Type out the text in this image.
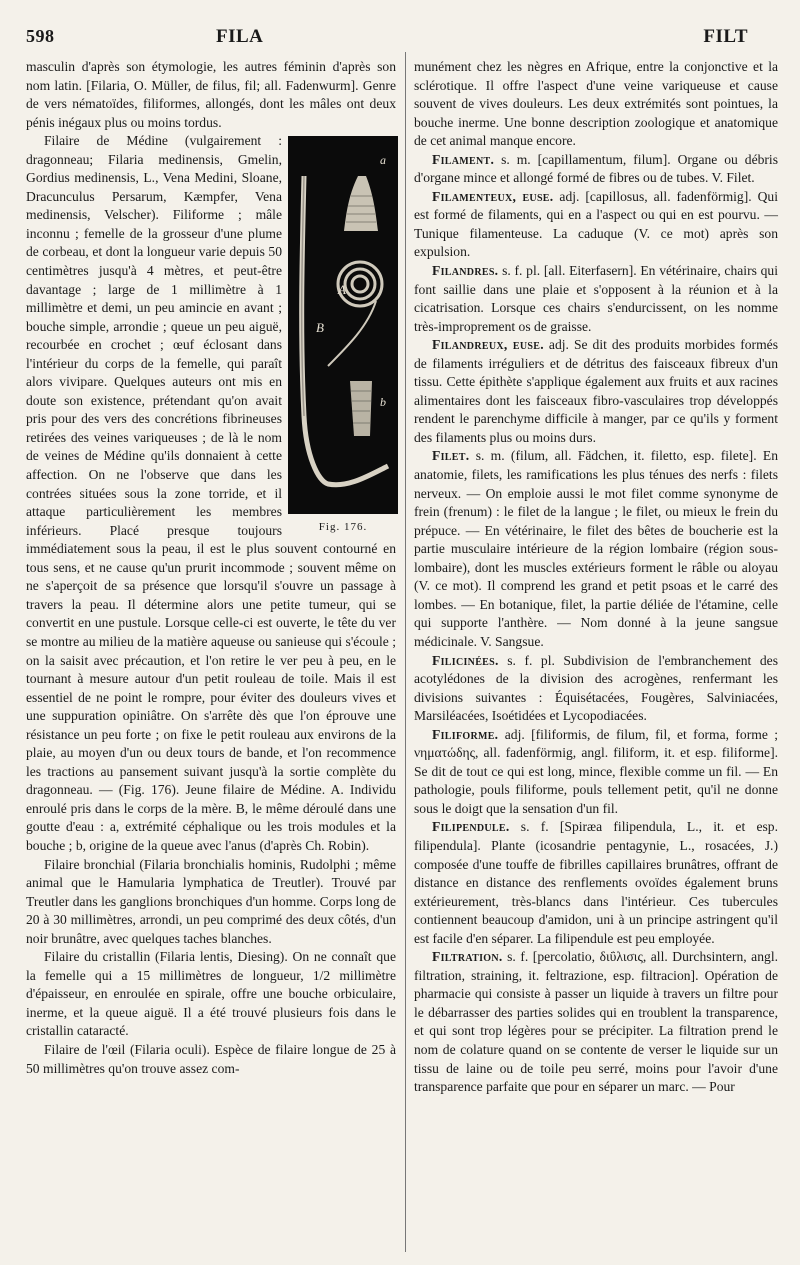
598	FILA	FILT

masculin d'après son étymologie, les autres féminin d'après son nom latin. [Filaria, O. Müller, de filus, fil; all. Fadenwurm]. Genre de vers nématoïdes, filiformes, allongés, dont les mâles ont deux pénis inégaux plus ou moins tordus.

a
A
B
b
Fig. 176.

Filaire de Médine (vulgairement : dragonneau; Filaria medinensis, Gmelin, Gordius medinensis, L., Vena Medini, Sloane, Dracunculus Persarum, Kæmpfer, Vena medinensis, Velscher). Filiforme ; mâle inconnu ; femelle de la grosseur d'une plume de corbeau, et dont la longueur varie depuis 50 centimètres jusqu'à 4 mètres, et peut-être davantage ; large de 1 millimètre à 1 millimètre et demi, un peu amincie en avant ; bouche simple, arrondie ; queue un peu aiguë, recourbée en crochet ; œuf éclosant dans l'intérieur du corps de la femelle, qui paraît alors vivipare. Quelques auteurs ont mis en doute son existence, prétendant qu'on avait pris pour des vers des concrétions fibrineuses retirées des veines variqueuses ; de là le nom de veines de Médine qu'ils donnaient à cette affection. On ne l'observe que dans les contrées situées sous la zone torride, et il attaque particulièrement les membres inférieurs. Placé presque toujours immédiatement sous la peau, il est le plus souvent contourné en tous sens, et ne cause qu'un prurit incommode ; souvent même on ne s'aperçoit de sa présence que lorsqu'il s'ouvre un passage à travers la peau. Il détermine alors une petite tumeur, qui se convertit en une pustule. Lorsque celle-ci est ouverte, le tête du ver se montre au milieu de la matière aqueuse ou sanieuse qui s'écoule ; on la saisit avec précaution, et l'on retire le ver peu à peu, en le tournant à mesure autour d'un petit rouleau de toile. Mais il est essentiel de ne point le rompre, pour éviter des douleurs vives et une suppuration opiniâtre. On s'arrête dès que l'on éprouve une résistance un peu forte ; on fixe le petit rouleau aux environs de la plaie, au moyen d'un ou deux tours de bande, et l'on recommence les tractions au pansement suivant jusqu'à la sortie complète du dragonneau. — (Fig. 176). Jeune filaire de Médine. A. Individu enroulé pris dans le corps de la mère. B, le même déroulé dans une goutte d'eau : a, extrémité céphalique ou les trois modules et la bouche ; b, origine de la queue avec l'anus (d'après Ch. Robin).

Filaire bronchial (Filaria bronchialis hominis, Rudolphi ; même animal que le Hamularia lymphatica de Treutler). Trouvé par Treutler dans les ganglions bronchiques d'un homme. Corps long de 20 à 30 millimètres, arrondi, un peu comprimé des deux côtés, d'un noir brunâtre, avec quelques taches blanches.

Filaire du cristallin (Filaria lentis, Diesing). On ne connaît que la femelle qui a 15 millimètres de longueur, 1/2 millimètre d'épaisseur, en enroulée en spirale, offre une bouche orbiculaire, inerme, et la queue aiguë. Il a été trouvé plusieurs fois dans le cristallin cataracté.

Filaire de l'œil (Filaria oculi). Espèce de filaire longue de 25 à 50 millimètres qu'on trouve assez com-

munément chez les nègres en Afrique, entre la conjonctive et la sclérotique. Il offre l'aspect d'une veine variqueuse et cause souvent de vives douleurs. Les deux extrémités sont pointues, la bouche inerme. Une bonne description zoologique et anatomique de cet animal manque encore.

Filament. s. m. [capillamentum, filum]. Organe ou débris d'organe mince et allongé formé de fibres ou de tubes. V. Filet.

Filamenteux, euse. adj. [capillosus, all. fadenförmig]. Qui est formé de filaments, qui en a l'aspect ou qui en est pourvu. — Tunique filamenteuse. La caduque (V. ce mot) après son expulsion.

Filandres. s. f. pl. [all. Eiterfasern]. En vétérinaire, chairs qui font saillie dans une plaie et s'opposent à la réunion et à la cicatrisation. Lorsque ces chairs s'endurcissent, on les nomme très-improprement os de graisse.

Filandreux, euse. adj. Se dit des produits morbides formés de filaments irréguliers et de détritus des faisceaux fibreux d'un tissu. Cette épithète s'applique également aux fruits et aux racines alimentaires dont les faisceaux fibro-vasculaires trop développés rendent le parenchyme difficile à manger, par ce qu'ils y forment des filaments plus ou moins durs.

Filet. s. m. (filum, all. Fädchen, it. filetto, esp. filete]. En anatomie, filets, les ramifications les plus ténues des nerfs : filets nerveux. — On emploie aussi le mot filet comme synonyme de frein (frenum) : le filet de la langue ; le filet, ou mieux le frein du prépuce. — En vétérinaire, le filet des bêtes de boucherie est la partie musculaire intérieure de la région lombaire (région sous-lombaire), dont les muscles extérieurs forment le râble ou aloyau (V. ce mot). Il comprend les grand et petit psoas et le carré des lombes. — En botanique, filet, la partie déliée de l'étamine, celle qui supporte l'anthère. — Nom donné à la jeune sangsue médicinale. V. Sangsue.

Filicinées. s. f. pl. Subdivision de l'embranchement des acotylédones de la division des acrogènes, renfermant les divisions suivantes : Équisétacées, Fougères, Salviniacées, Marsiléacées, Isoétidées et Lycopodiacées.

Filiforme. adj. [filiformis, de filum, fil, et forma, forme ; νηματώδης, all. fadenförmig, angl. filiform, it. et esp. filiforme]. Se dit de tout ce qui est long, mince, flexible comme un fil. — En pathologie, pouls filiforme, pouls tellement petit, qu'il ne donne sous le doigt que la sensation d'un fil.

Filipendule. s. f. [Spiræa filipendula, L., it. et esp. filipendula]. Plante (icosandrie pentagynie, L., rosacées, J.) composée d'une touffe de fibrilles capillaires brunâtres, offrant de distance en distance des renflements ovoïdes également bruns extérieurement, très-blancs dans l'intérieur. Ces tubercules contiennent beaucoup d'amidon, uni à un principe astringent qu'il est facile d'en séparer. La filipendule est peu employée.

Filtration. s. f. [percolatio, διΰλισις, all. Durchsintern, angl. filtration, straining, it. feltrazione, esp. filtracion]. Opération de pharmacie qui consiste à passer un liquide à travers un filtre pour le débarrasser des parties solides qui en troublent la transparence, et qui sont trop légères pour se précipiter. La filtration prend le nom de colature quand on se contente de verser le liquide sur un tissu de laine ou de toile peu serré, moins pour l'avoir d'une transparence parfaite que pour en séparer un marc. — Pour
